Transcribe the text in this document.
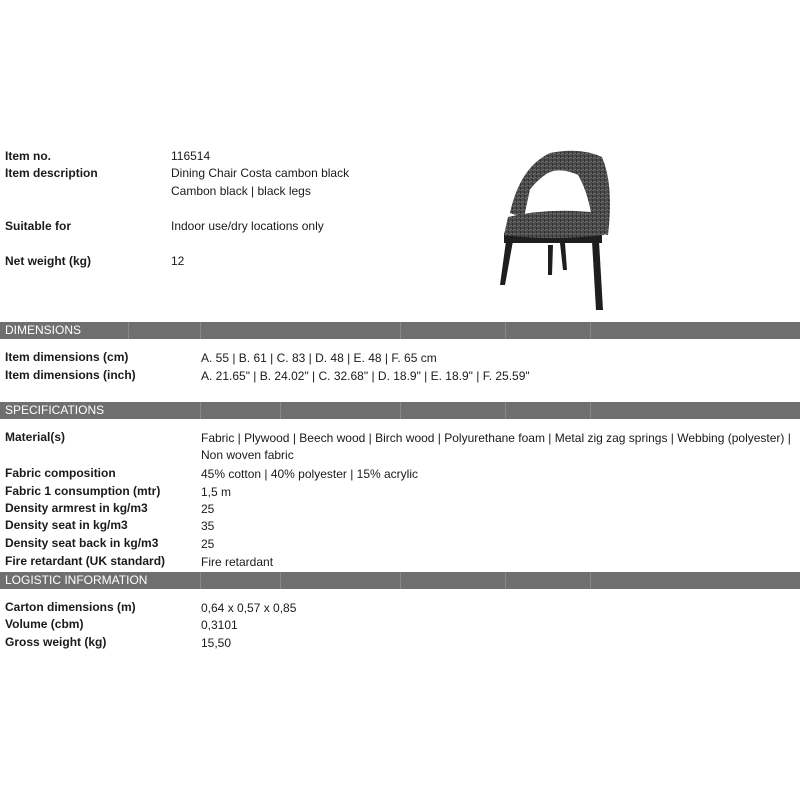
Item no.	116514
Item description	Dining Chair Costa cambon black
Cambon black | black legs
Suitable for	Indoor use/dry locations only
Net weight (kg)	12
DIMENSIONS
Item dimensions (cm)	A. 55 | B. 61 | C. 83 | D. 48 | E. 48 | F. 65 cm
Item dimensions (inch)	A. 21.65" | B. 24.02" | C. 32.68" | D. 18.9" | E. 18.9" | F. 25.59"
SPECIFICATIONS
Material(s)	Fabric | Plywood | Beech wood | Birch wood | Polyurethane foam | Metal zig zag springs | Webbing (polyester) | Non woven fabric
Fabric composition	45% cotton | 40% polyester | 15% acrylic
Fabric 1 consumption (mtr)	1,5 m
Density armrest in kg/m3	25
Density seat in kg/m3	35
Density seat back in kg/m3	25
Fire retardant (UK standard)	Fire retardant
LOGISTIC INFORMATION
Carton dimensions (m)	0,64 x 0,57 x 0,85
Volume (cbm)	0,3101
Gross weight (kg)	15,50
